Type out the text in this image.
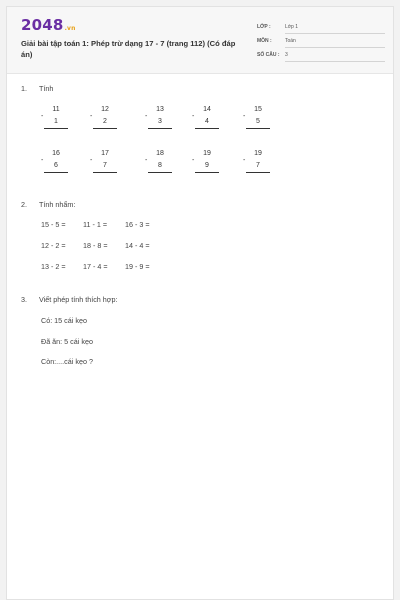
2048.vn
Giải bài tập toán 1: Phép trừ dạng 17 - 7 (trang 112) (Có đáp án)
LỚP :	Lớp 1
MÔN :	Toán
SỐ CÂU : 3
1. Tính
11
-
1
12
-
2
13
-
3
14
-
4
15
-
5
16
-
6
17
-
7
18
-
8
19
-
9
19
-
7
2. Tính nhẩm:
15 - 5 = 11 - 1 = 16 - 3 =
12 - 2 = 18 - 8 = 14 - 4 =
13 - 2 = 17 - 4 = 19 - 9 =
3. Viết phép tính thích hợp:
Có: 15 cái kẹo
Đã ăn: 5 cái kẹo
Còn:....cái kẹo ?
